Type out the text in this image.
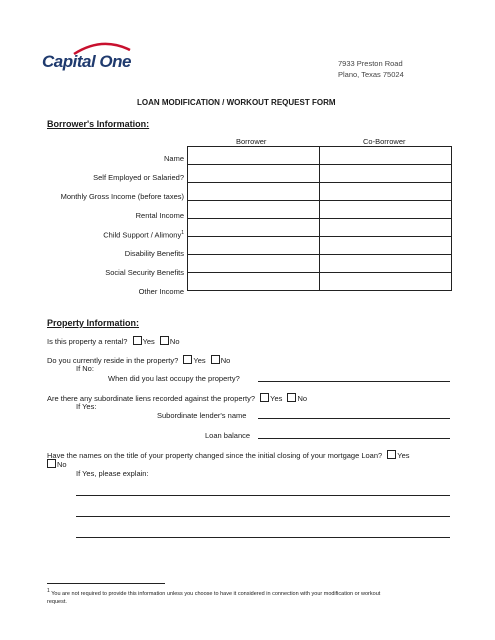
Capital One	7933 Preston Road
Plano, Texas 75024
LOAN MODIFICATION / WORKOUT REQUEST FORM
Borrower's Information:
Borrower	Co-Borrower

Name
Self Employed or Salaried?
Monthly Gross Income (before taxes)
Rental Income
Child Support / Alimony$^1$
Disability Benefits
Social Security Benefits
Other Income
Property Information:
Is this property a rental? Yes No
Do you currently reside in the property? Yes No
If No:
When did you last occupy the property?
Are there any subordinate liens recorded against the property? Yes No
If Yes:
Subordinate lender's name
Loan balance
Have the names on the title of your property changed since the initial closing of your mortgage Loan? Yes
No
If Yes, please explain:
1 You are not required to provide this information unless you choose to have it considered in connection with your modification or workout
request.
